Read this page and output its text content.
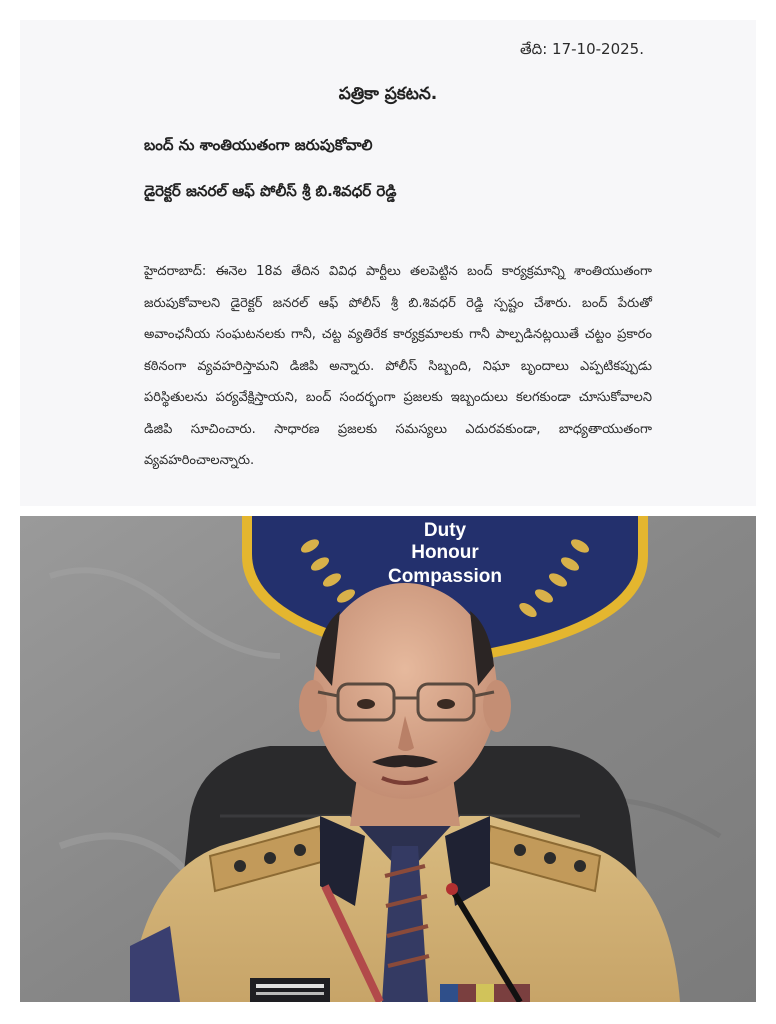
తేది: 17-10-2025.
పత్రికా ప్రకటన.
బంద్ ను శాంతియుతంగా జరుపుకోవాలి
డైరెక్టర్ జనరల్ ఆఫ్ పోలీస్ శ్రీ బి.శివధర్ రెడ్డి
హైదరాబాద్: ఈనెల 18వ తేదిన వివిధ పార్టీలు తలపెట్టిన బంద్ కార్యక్రమాన్ని శాంతియుతంగా జరుపుకోవాలని డైరెక్టర్ జనరల్ ఆఫ్ పోలీస్ శ్రీ బి.శివధర్ రెడ్డి స్పష్టం చేశారు. బంద్ పేరుతో అవాంఛనీయ సంఘటనలకు గానీ, చట్ట వ్యతిరేక కార్యక్రమాలకు గానీ పాల్పడినట్లయితే చట్టం ప్రకారం కఠినంగా వ్యవహరిస్తామని డిజిపి అన్నారు. పోలీస్ సిబ్బంది, నిఘా బృందాలు ఎప్పటికప్పుడు పరిస్థితులను పర్యవేక్షిస్తాయని, బంద్ సందర్భంగా ప్రజలకు ఇబ్బందులు కలగకుండా చూసుకోవాలని డిజిపి సూచించారు. సాధారణ ప్రజలకు సమస్యలు ఎదురవకుండా, బాధ్యతాయుతంగా వ్యవహరించాలన్నారు.
Duty
Honour
Compassion
